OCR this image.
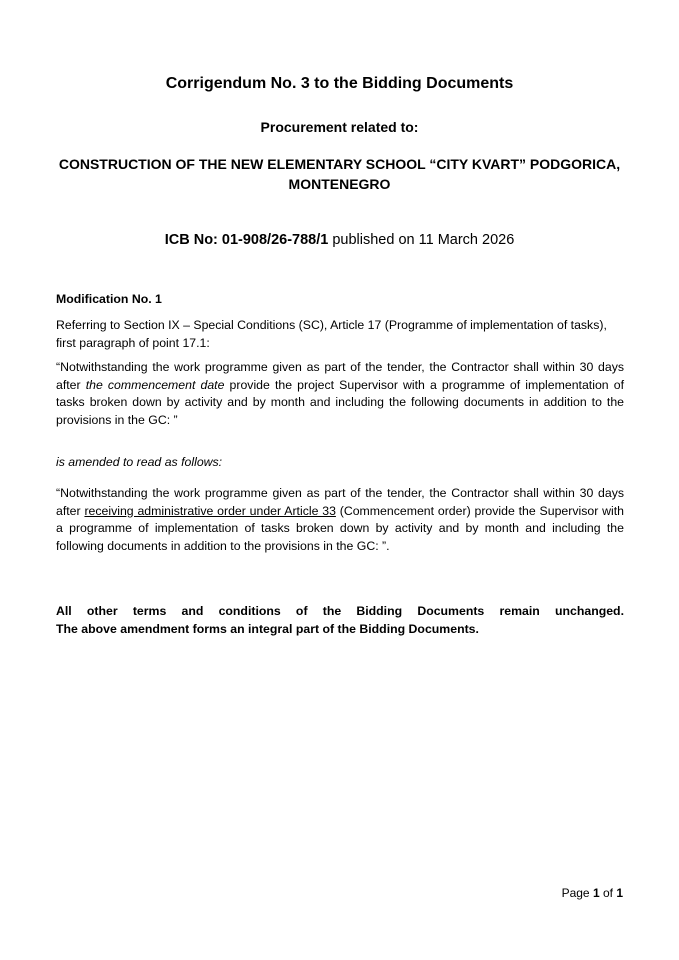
Corrigendum No. 3 to the Bidding Documents
Procurement related to:
CONSTRUCTION OF THE NEW ELEMENTARY SCHOOL “CITY KVART” PODGORICA, MONTENEGRO
ICB No: 01-908/26-788/1 published on 11 March 2026
Modification No. 1
Referring to Section IX – Special Conditions (SC), Article 17 (Programme of implementation of tasks), first paragraph of point 17.1:
“Notwithstanding the work programme given as part of the tender, the Contractor shall within 30 days after the commencement date provide the project Supervisor with a programme of implementation of tasks broken down by activity and by month and including the following documents in addition to the provisions in the GC: ”
is amended to read as follows:
“Notwithstanding the work programme given as part of the tender, the Contractor shall within 30 days after receiving administrative order under Article 33 (Commencement order) provide the Supervisor with a programme of implementation of tasks broken down by activity and by month and including the following documents in addition to the provisions in the GC: ”.
All other terms and conditions of the Bidding Documents remain unchanged.
The above amendment forms an integral part of the Bidding Documents.
Page 1 of 1
